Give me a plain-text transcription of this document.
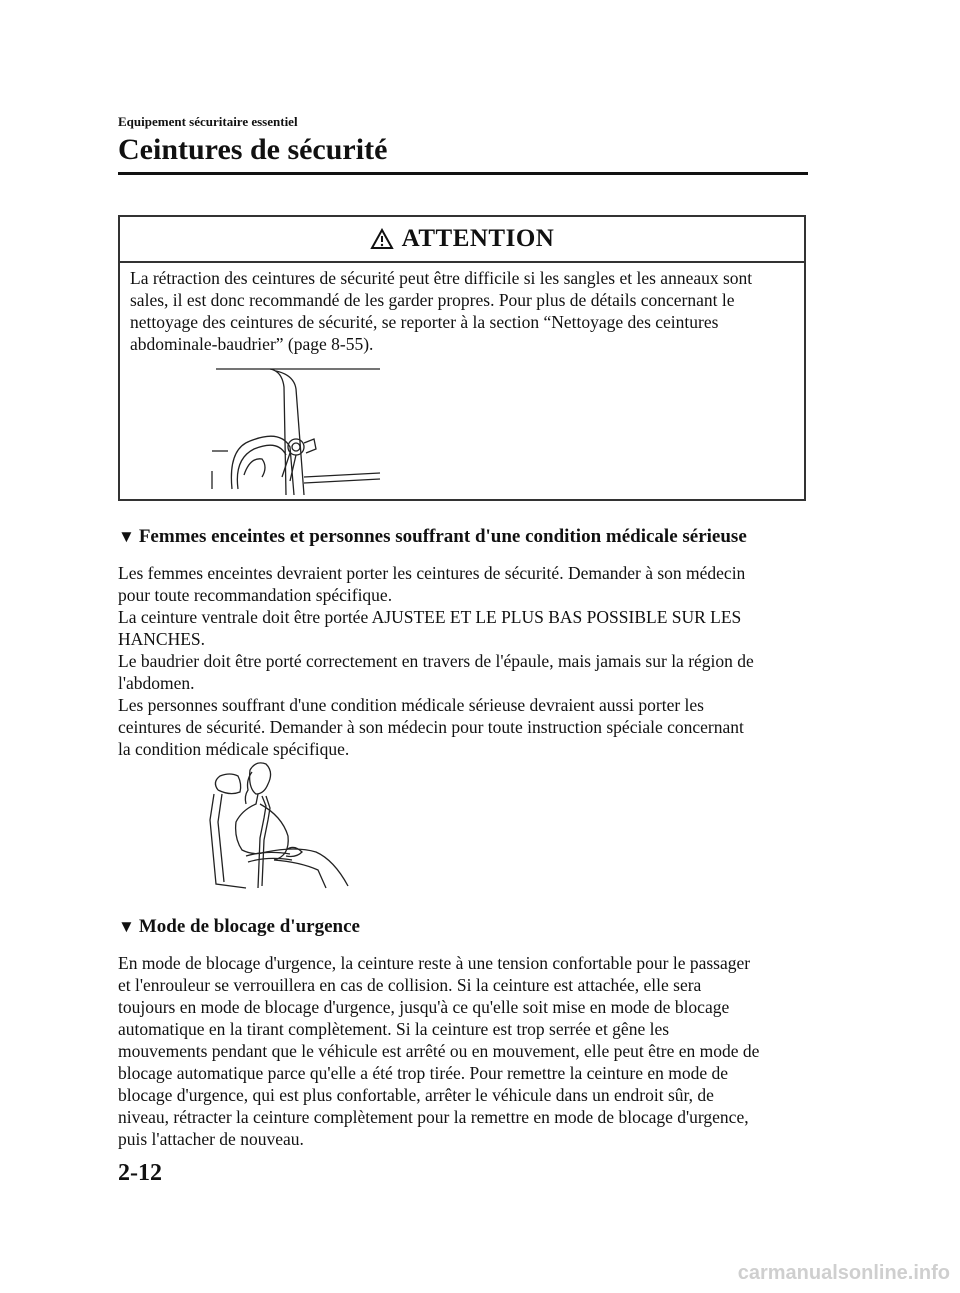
Equipement sécuritaire essentiel
Ceintures de sécurité
ATTENTION
La rétraction des ceintures de sécurité peut être difficile si les sangles et les anneaux sont
sales, il est donc recommandé de les garder propres. Pour plus de détails concernant le
nettoyage des ceintures de sécurité, se reporter à la section “Nettoyage des ceintures
abdominale-baudrier” (page 8-55).
▼ Femmes enceintes et personnes souffrant d'une condition médicale sérieuse

Les femmes enceintes devraient porter les ceintures de sécurité. Demander à son médecin

pour toute recommandation spécifique.

La ceinture ventrale doit être portée AJUSTEE ET LE PLUS BAS POSSIBLE SUR LES

HANCHES.

Le baudrier doit être porté correctement en travers de l'épaule, mais jamais sur la région de

l'abdomen.

Les personnes souffrant d'une condition médicale sérieuse devraient aussi porter les

ceintures de sécurité. Demander à son médecin pour toute instruction spéciale concernant

la condition médicale spécifique.

▼ Mode de blocage d'urgence

En mode de blocage d'urgence, la ceinture reste à une tension confortable pour le passager

et l'enrouleur se verrouillera en cas de collision. Si la ceinture est attachée, elle sera

toujours en mode de blocage d'urgence, jusqu'à ce qu'elle soit mise en mode de blocage

automatique en la tirant complètement. Si la ceinture est trop serrée et gêne les

mouvements pendant que le véhicule est arrêté ou en mouvement, elle peut être en mode de

blocage automatique parce qu'elle a été trop tirée. Pour remettre la ceinture en mode de

blocage d'urgence, qui est plus confortable, arrêter le véhicule dans un endroit sûr, de

niveau, rétracter la ceinture complètement pour la remettre en mode de blocage d'urgence,

puis l'attacher de nouveau.

2-12
carmanualsonline.info
